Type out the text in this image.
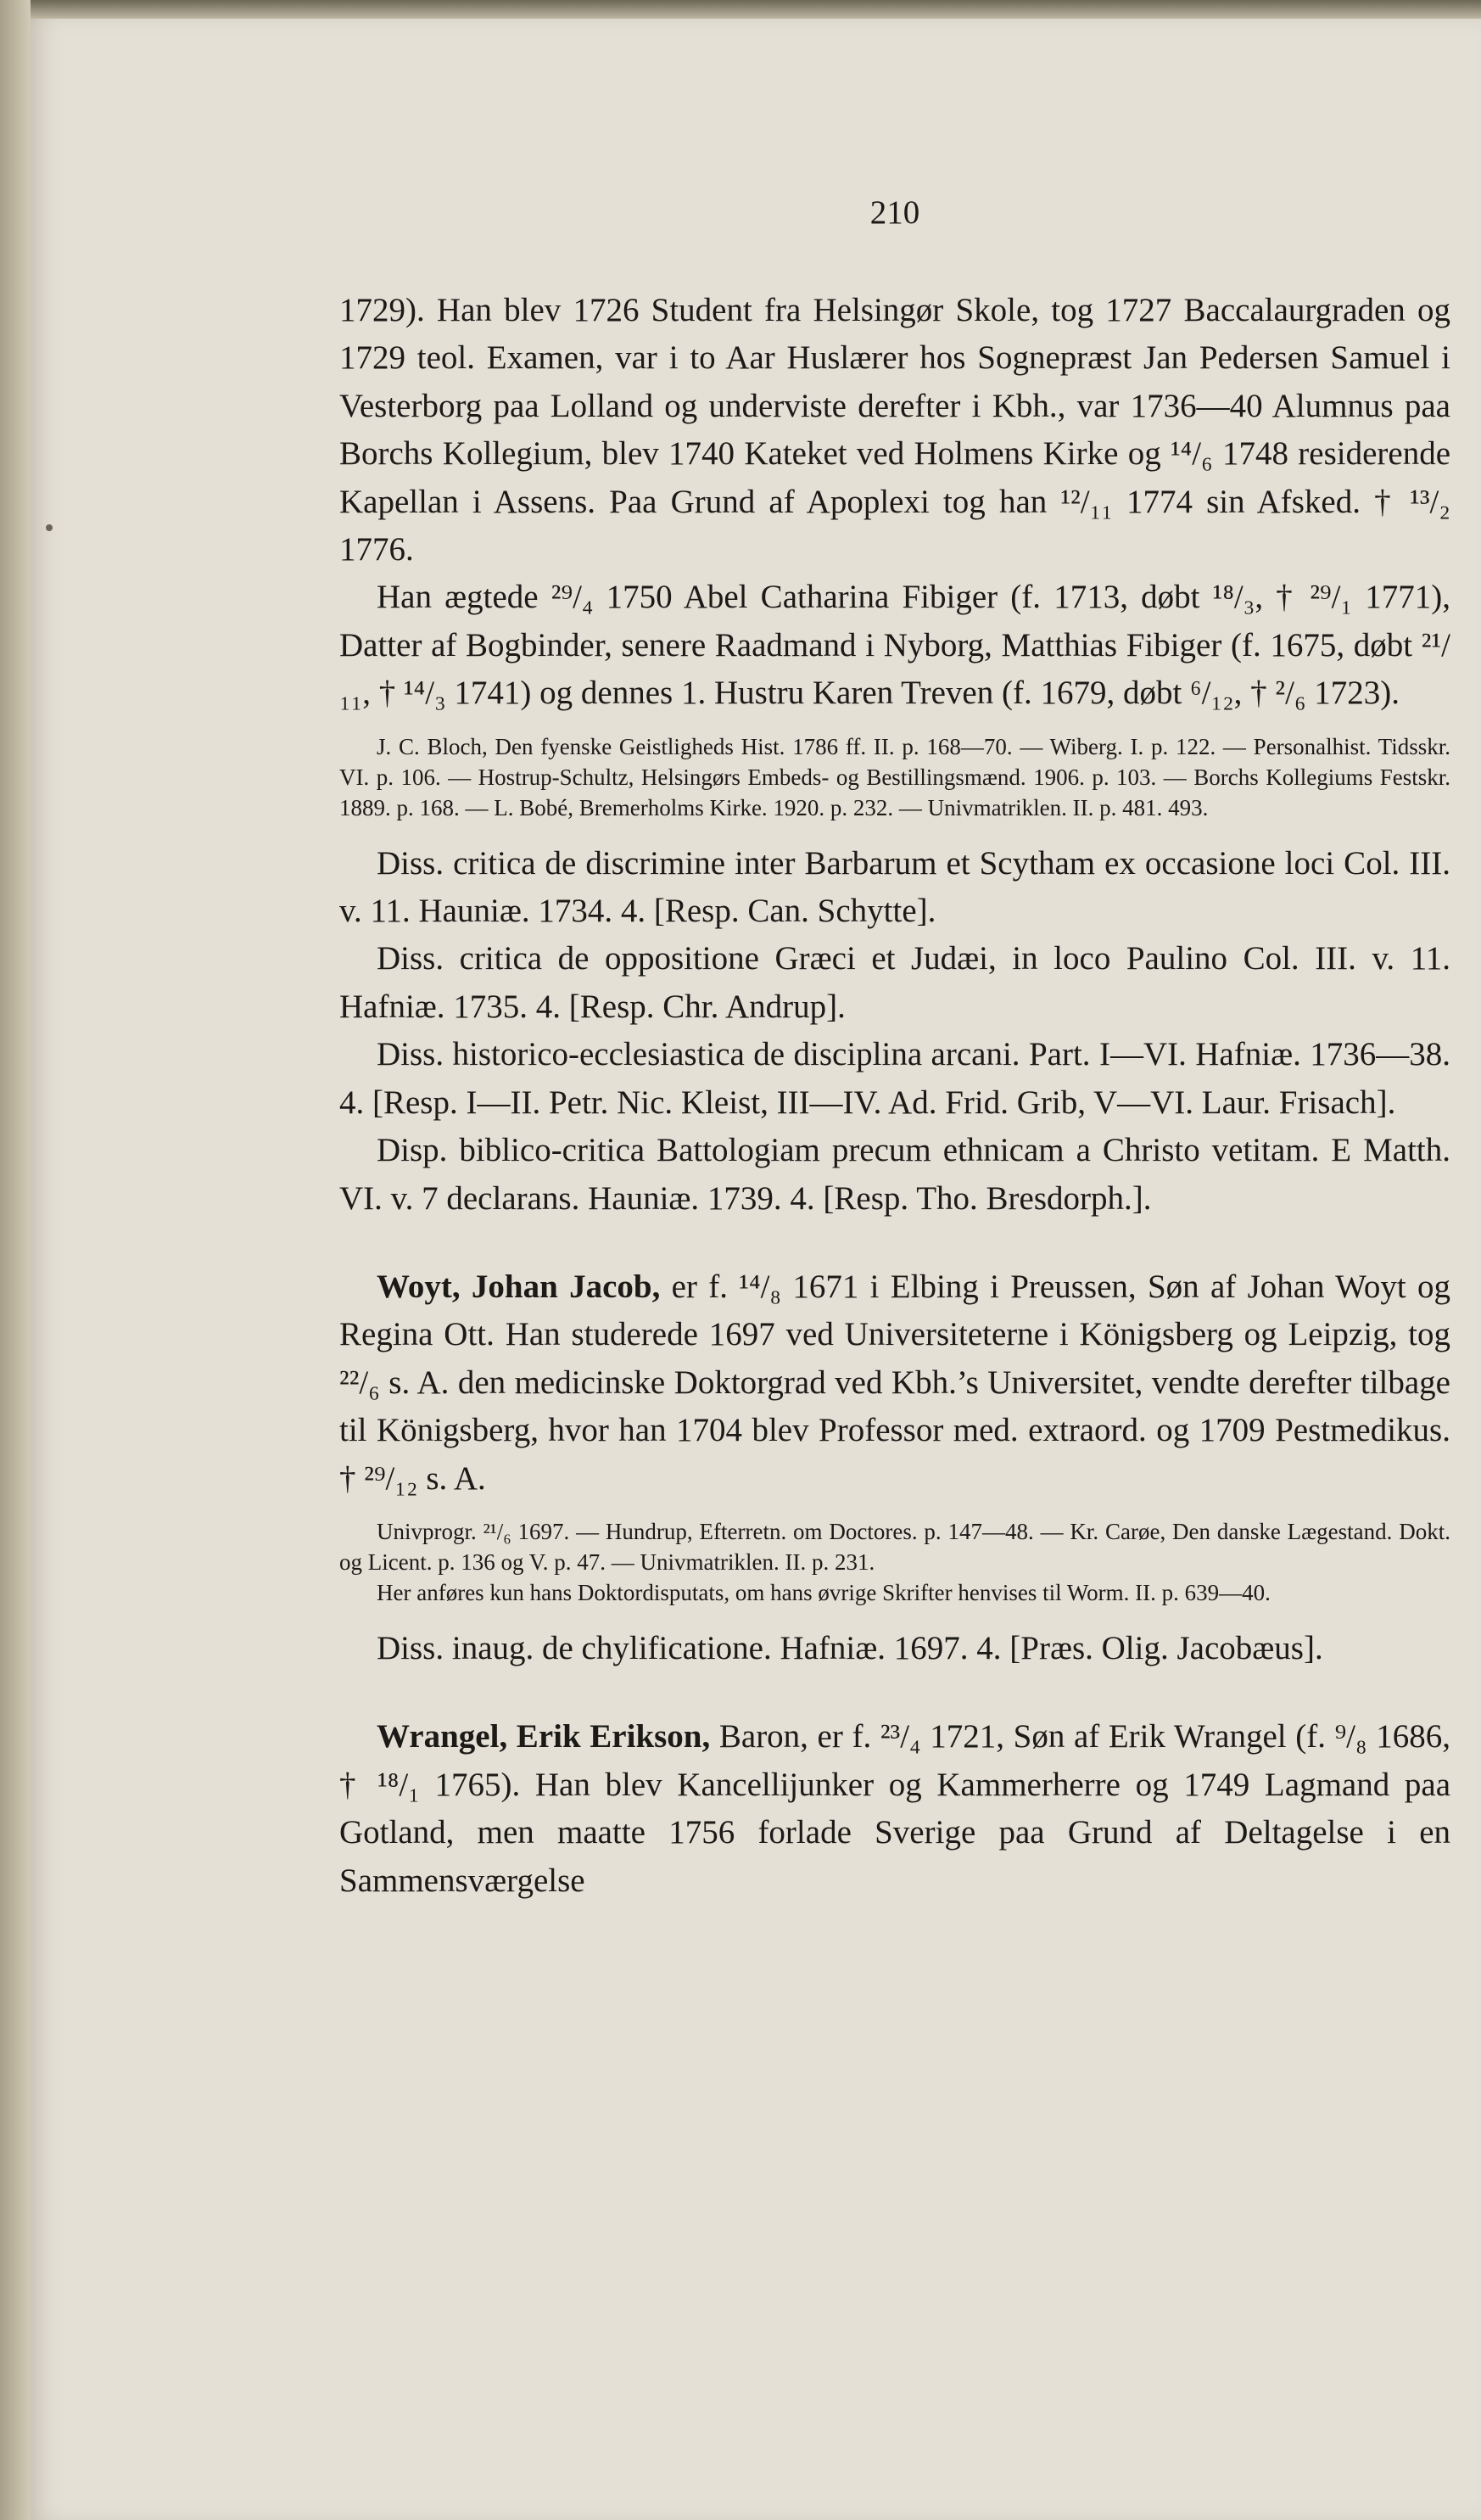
210

1729). Han blev 1726 Student fra Helsingør Skole, tog 1727 Baccalaurgraden og 1729 teol. Examen, var i to Aar Huslærer hos Sognepræst Jan Pedersen Samuel i Vesterborg paa Lolland og underviste derefter i Kbh., var 1736—40 Alumnus paa Borchs Kollegium, blev 1740 Kateket ved Holmens Kirke og ¹⁴/₆ 1748 residerende Kapellan i Assens. Paa Grund af Apoplexi tog han ¹²/₁₁ 1774 sin Afsked. † ¹³/₂ 1776.

Han ægtede ²⁹/₄ 1750 Abel Catharina Fibiger (f. 1713, døbt ¹⁸/₃, † ²⁹/₁ 1771), Datter af Bogbinder, senere Raadmand i Nyborg, Matthias Fibiger (f. 1675, døbt ²¹/₁₁, † ¹⁴/₃ 1741) og dennes 1. Hustru Karen Treven (f. 1679, døbt ⁶/₁₂, † ²/₆ 1723).

J. C. Bloch, Den fyenske Geistligheds Hist. 1786 ff. II. p. 168—70. — Wiberg. I. p. 122. — Personalhist. Tidsskr. VI. p. 106. — Hostrup-Schultz, Helsingørs Embeds- og Bestillingsmænd. 1906. p. 103. — Borchs Kollegiums Festskr. 1889. p. 168. — L. Bobé, Bremerholms Kirke. 1920. p. 232. — Univmatriklen. II. p. 481. 493.

Diss. critica de discrimine inter Barbarum et Scytham ex occasione loci Col. III. v. 11. Hauniæ. 1734. 4. [Resp. Can. Schytte].

Diss. critica de oppositione Græci et Judæi, in loco Paulino Col. III. v. 11. Hafniæ. 1735. 4. [Resp. Chr. Andrup].

Diss. historico-ecclesiastica de disciplina arcani. Part. I—VI. Hafniæ. 1736—38. 4. [Resp. I—II. Petr. Nic. Kleist, III—IV. Ad. Frid. Grib, V—VI. Laur. Frisach].

Disp. biblico-critica Battologiam precum ethnicam a Christo vetitam. E Matth. VI. v. 7 declarans. Hauniæ. 1739. 4. [Resp. Tho. Bresdorph.].

Woyt, Johan Jacob, er f. ¹⁴/₈ 1671 i Elbing i Preussen, Søn af Johan Woyt og Regina Ott. Han studerede 1697 ved Universiteterne i Königsberg og Leipzig, tog ²²/₆ s. A. den medicinske Doktorgrad ved Kbh.’s Universitet, vendte derefter tilbage til Königsberg, hvor han 1704 blev Professor med. extraord. og 1709 Pestmedikus. † ²⁹/₁₂ s. A.

Univprogr. ²¹/₆ 1697. — Hundrup, Efterretn. om Doctores. p. 147—48. — Kr. Carøe, Den danske Lægestand. Dokt. og Licent. p. 136 og V. p. 47. — Univmatriklen. II. p. 231.

Her anføres kun hans Doktordisputats, om hans øvrige Skrifter henvises til Worm. II. p. 639—40.

Diss. inaug. de chylificatione. Hafniæ. 1697. 4. [Præs. Olig. Jacobæus].

Wrangel, Erik Erikson, Baron, er f. ²³/₄ 1721, Søn af Erik Wrangel (f. ⁹/₈ 1686, † ¹⁸/₁ 1765). Han blev Kancellijunker og Kammerherre og 1749 Lagmand paa Gotland, men maatte 1756 forlade Sverige paa Grund af Deltagelse i en Sammensværgelse
